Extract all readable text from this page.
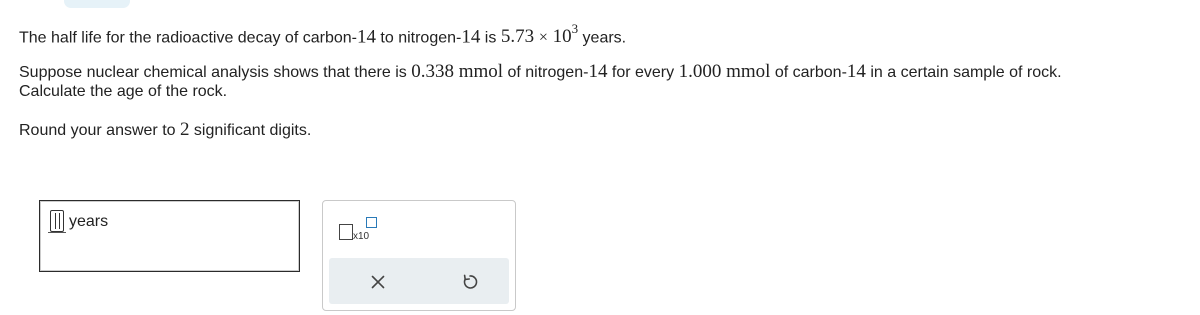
The half life for the radioactive decay of carbon-14 to nitrogen-14 is $5.73 \times 10^3$ years.
Suppose nuclear chemical analysis shows that there is 0.338 mmol of nitrogen-14 for every 1.000 mmol of carbon-14 in a certain sample of rock.
Calculate the age of the rock.
Round your answer to 2 significant digits.
years
x10
